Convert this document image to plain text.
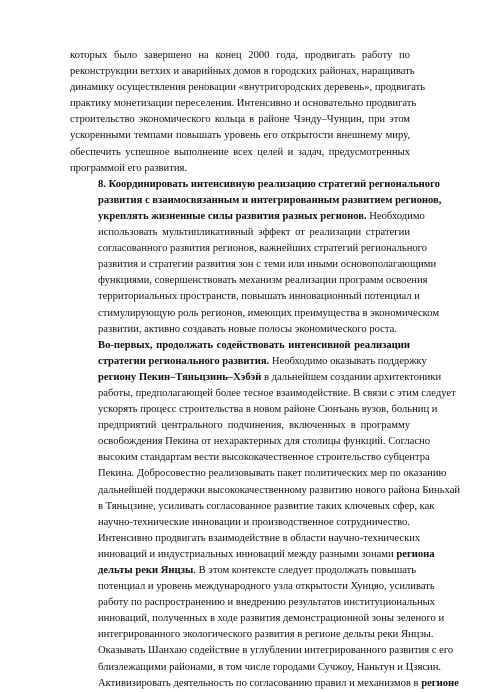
которых было завершено на конец 2000 года, продвигать работу по
реконструкции ветхих и аварийных домов в городских районах, наращивать
динамику осуществления реновации «внутригородских деревень», продвигать
практику монетизации переселения. Интенсивно и основательно продвигать
строительство экономического кольца в районе Чэнду–Чунцин, при этом
ускоренными темпами повышать уровень его открытости внешнему миру,
обеспечить успешное выполнение всех целей и задач, предусмотренных
программой его развития.

8. Координировать интенсивную реализацию стратегий регионального
развития с взаимосвязанным и интегрированным развитием регионов,
укреплять жизненные силы развития разных регионов. Необходимо
использовать мультипликативный эффект от реализации стратегии
согласованного развития регионов, важнейших стратегий регионального
развития и стратегии развития зон с теми или иными основополагающими
функциями, совершенствовать механизм реализации программ освоения
территориальных пространств, повышать инновационный потенциал и
стимулирующую роль регионов, имеющих преимущества в экономическом
развитии, активно создавать новые полосы экономического роста.

Во-первых, продолжать содействовать интенсивной реализации
стратегии регионального развития. Необходимо оказывать поддержку
региону Пекин–Тяньцзинь–Хэбэй в дальнейшем создании архитектоники
работы, предполагающей более тесное взаимодействие. В связи с этим следует
ускорять процесс строительства в новом районе Сюнъань вузов, больниц и
предприятий центрального подчинения, включенных в программу
освобождения Пекина от нехарактерных для столицы функций. Согласно
высоким стандартам вести высококачественное строительство субцентра
Пекина. Добросовестно реализовывать пакет политических мер по оказанию
дальнейшей поддержки высококачественному развитию нового района Биньхай
в Тяньцзине, усиливать согласованное развитие таких ключевых сфер, как
научно-технические инновации и производственное сотрудничество.
Интенсивно продвигать взаимодействие в области научно-технических
инноваций и индустриальных инноваций между разными зонами региона
дельты реки Янцзы. В этом контексте следует продолжать повышать
потенциал и уровень международного узла открытости Хунцяо, усиливать
работу по распространению и внедрению результатов институциональных
инноваций, полученных в ходе развития демонстрационной зоны зеленого и
интегрированного экологического развития в регионе дельты реки Янцзы.
Оказывать Шанхаю содействие в углублении интегрированного развития с его
близлежащими районами, в том числе городами Сучжоу, Наньтун и Цзясин.
Активизировать деятельность по согласованию правил и механизмов в регионе
